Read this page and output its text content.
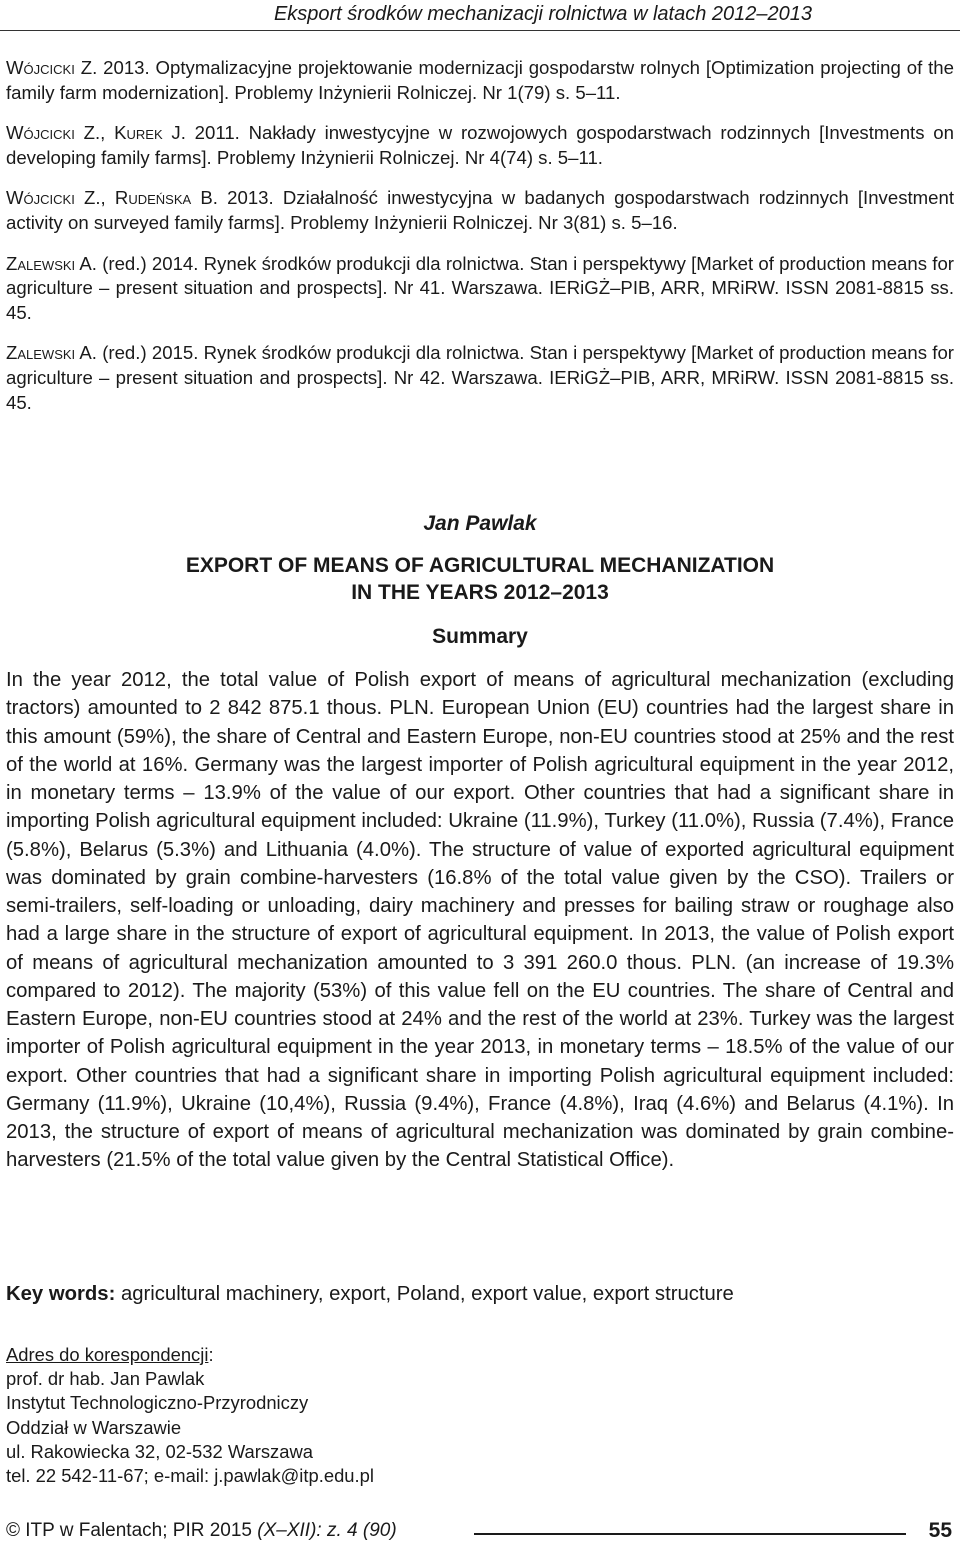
Eksport środków mechanizacji rolnictwa w latach 2012–2013

Wójcicki Z. 2013. Optymalizacyjne projektowanie modernizacji gospodarstw rolnych [Optimization projecting of the family farm modernization]. Problemy Inżynierii Rolniczej. Nr 1(79) s. 5–11.

Wójcicki Z., Kurek J. 2011. Nakłady inwestycyjne w rozwojowych gospodarstwach rodzinnych [Investments on developing family farms]. Problemy Inżynierii Rolniczej. Nr 4(74) s. 5–11.

Wójcicki Z., Rudeńska B. 2013. Działalność inwestycyjna w badanych gospodarstwach rodzinnych [Investment activity on surveyed family farms]. Problemy Inżynierii Rolniczej. Nr 3(81) s. 5–16.

Zalewski A. (red.) 2014. Rynek środków produkcji dla rolnictwa. Stan i perspektywy [Market of production means for agriculture – present situation and prospects]. Nr 41. Warszawa. IERiGŻ–PIB, ARR, MRiRW. ISSN 2081-8815 ss. 45.

Zalewski A. (red.) 2015. Rynek środków produkcji dla rolnictwa. Stan i perspektywy [Market of production means for agriculture – present situation and prospects]. Nr 42. Warszawa. IERiGŻ–PIB, ARR, MRiRW. ISSN 2081-8815 ss. 45.

Jan Pawlak
EXPORT OF MEANS OF AGRICULTURAL MECHANIZATION
IN THE YEARS 2012–2013
Summary

In the year 2012, the total value of Polish export of means of agricultural mechanization (excluding tractors) amounted to 2 842 875.1 thous. PLN. European Union (EU) countries had the largest share in this amount (59%), the share of Central and Eastern Europe, non-EU countries stood at 25% and the rest of the world at 16%. Germany was the largest importer of Polish agricultural equipment in the year 2012, in monetary terms – 13.9% of the value of our export. Other countries that had a significant share in importing Polish agricultural equipment included: Ukraine (11.9%), Turkey (11.0%), Russia (7.4%), France (5.8%), Belarus (5.3%) and Lithuania (4.0%). The structure of value of exported agricultural equipment was dominated by grain combine-harvesters (16.8% of the total value given by the CSO). Trailers or semi-trailers, self-loading or unloading, dairy machinery and presses for bailing straw or roughage also had a large share in the structure of export of agricultural equipment. In 2013, the value of Polish export of means of agricultural mechanization amounted to 3 391 260.0 thous. PLN. (an increase of 19.3% compared to 2012). The majority (53%) of this value fell on the EU countries. The share of Central and Eastern Europe, non-EU countries stood at 24% and the rest of the world at 23%. Turkey was the largest importer of Polish agricultural equipment in the year 2013, in monetary terms – 18.5% of the value of our export. Other countries that had a significant share in importing Polish agricultural equipment included: Germany (11.9%), Ukraine (10,4%), Russia (9.4%), France (4.8%), Iraq (4.6%) and Belarus (4.1%). In 2013, the structure of export of means of agricultural mechanization was dominated by grain combine-harvesters (21.5% of the total value given by the Central Statistical Office).

Key words: agricultural machinery, export, Poland, export value, export structure

Adres do korespondencji:
prof. dr hab. Jan Pawlak
Instytut Technologiczno-Przyrodniczy
Oddział w Warszawie
ul. Rakowiecka 32, 02-532 Warszawa
tel. 22 542-11-67; e-mail: j.pawlak@itp.edu.pl
© ITP w Falentach; PIR 2015 (X–XII): z. 4 (90)	55
